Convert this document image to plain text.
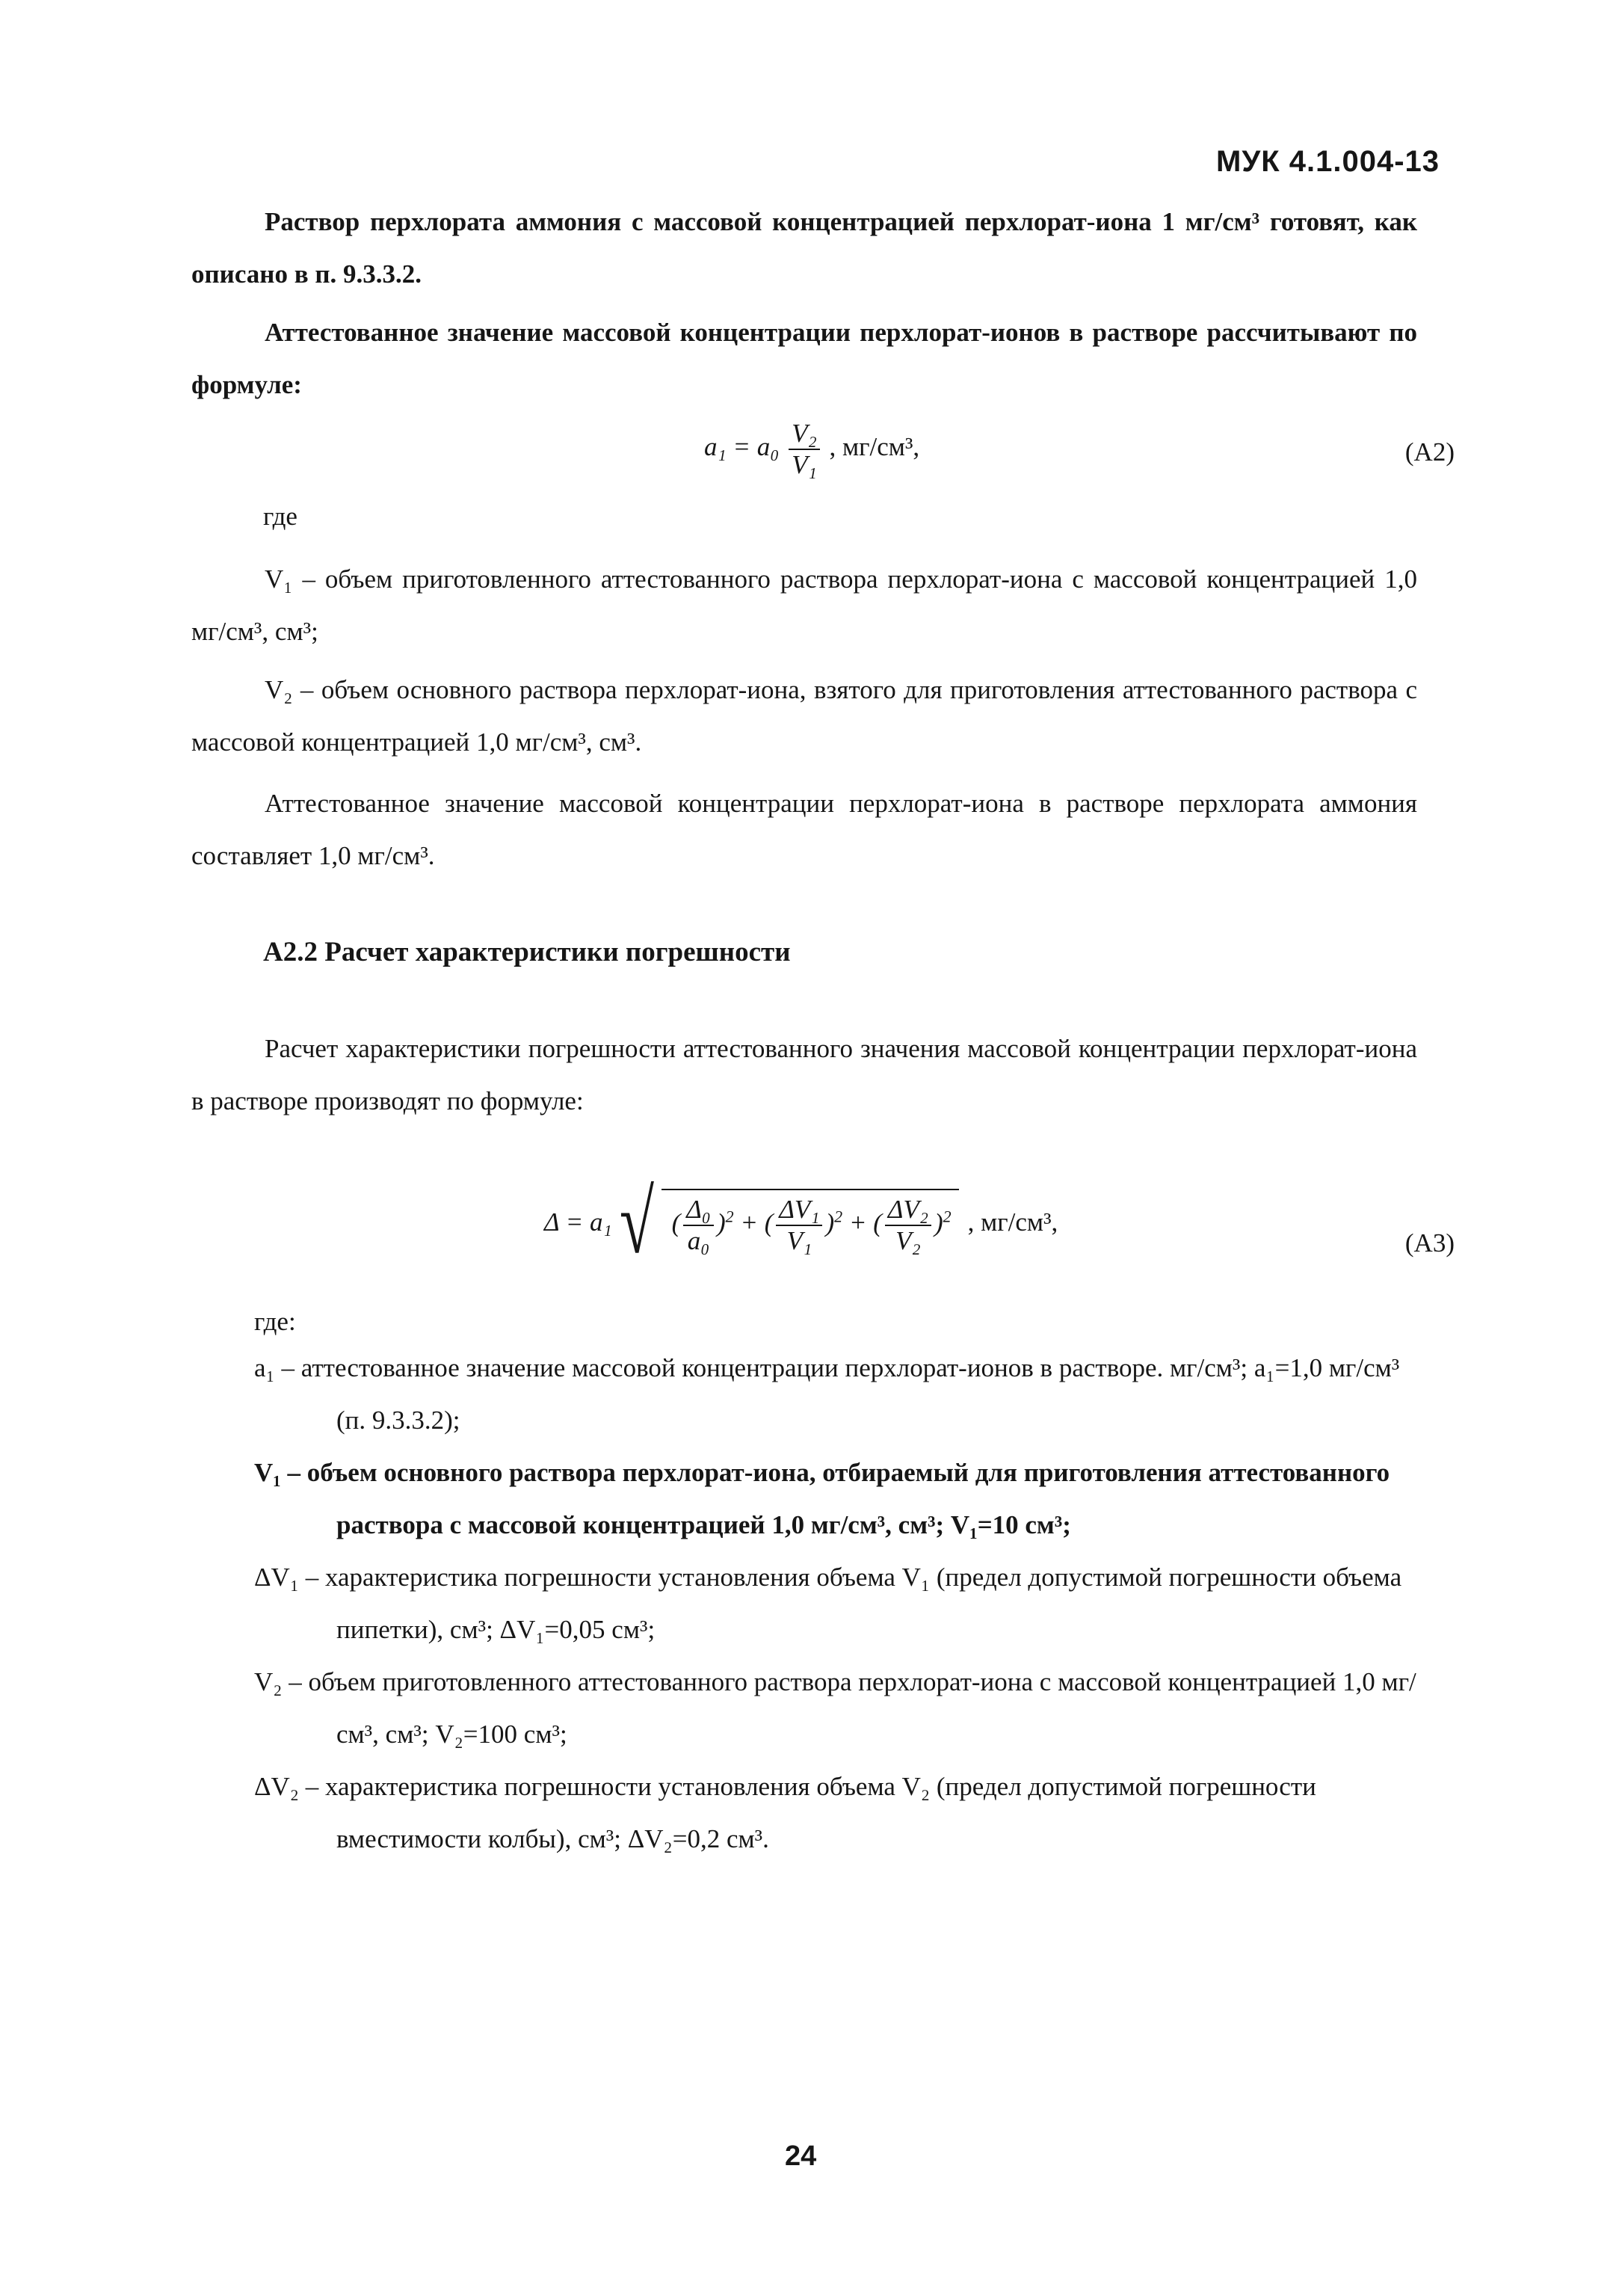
МУК 4.1.004-13
Раствор перхлората аммония с массовой концентрацией перхлорат-иона 1 мг/см³ готовят, как описано в п. 9.3.3.2.
Аттестованное значение массовой концентрации перхлорат-ионов в растворе рассчитывают по формуле:
$a_1 = a_0 \frac{\text{V₂}}{\text{V₁}}$ , мг/см³,	(А2)
где
V₁ – объем приготовленного аттестованного раствора перхлорат-иона с массовой концентрацией 1,0 мг/см³, см³;
V₂ – объем основного раствора перхлорат-иона, взятого для приготовления аттестованного раствора с массовой концентрацией 1,0 мг/см³, см³.
Аттестованное значение массовой концентрации перхлорат-иона в растворе перхлората аммония составляет 1,0 мг/см³.
А2.2 Расчет характеристики погрешности
Расчет характеристики погрешности аттестованного значения массовой концентрации перхлорат-иона в растворе производят по формуле:
Δ = a₁ √ ( $\frac{\text{Δ₀}}{\text{a₀}} )^2$ + ( $\frac{\text{ΔV₁}}{\text{V₁}} )^2$ + ( $\frac{\text{ΔV₂}}{\text{V₂}} )^2$ , мг/см³,
(А3)
где:
a₁ – аттестованное значение массовой концентрации перхлорат-ионов в растворе. мг/см³; a₁=1,0 мг/см³ (п. 9.3.3.2);
V₁ – объем основного раствора перхлорат-иона, отбираемый для приготовления аттестованного раствора с массовой концентрацией 1,0 мг/см³, см³; V₁=10 см³;
ΔV₁ – характеристика погрешности установления объема V₁ (предел допустимой погрешности объема пипетки), см³; ΔV₁=0,05 см³;
V₂ – объем приготовленного аттестованного раствора перхлорат-иона с массовой концентрацией 1,0 мг/см³, см³; V₂=100 см³;
ΔV₂ – характеристика погрешности установления объема V₂ (предел допустимой погрешности вместимости колбы), см³; ΔV₂=0,2 см³.
24
